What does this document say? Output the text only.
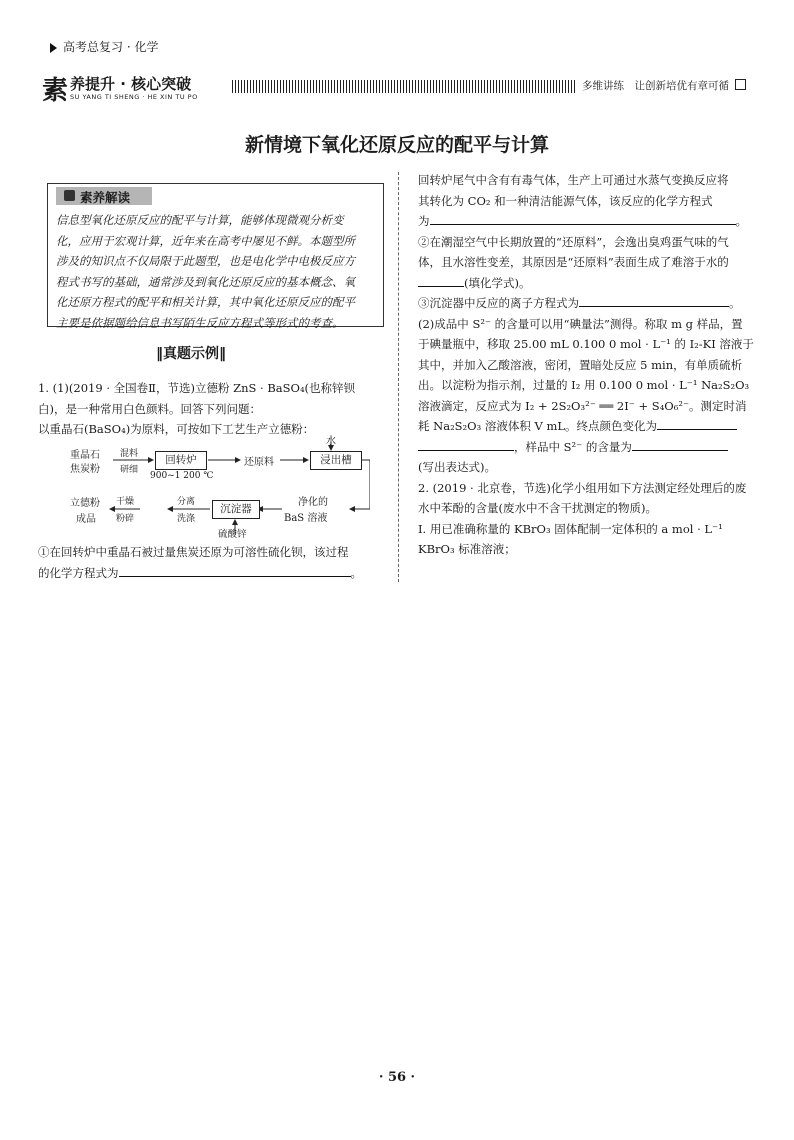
高考总复习 · 化学
素 养提升 · 核心突破
SU YANG TI SHENG · HE XIN TU PO
多维讲练　让创新培优有章可循
新情境下氧化还原反应的配平与计算
素养解读
信息型氧化还原反应的配平与计算，能够体现微观分析变
化，应用于宏观计算，近年来在高考中屡见不鲜。本题型所
涉及的知识点不仅局限于此题型，也是电化学中电极反应方
程式书写的基础，通常涉及到氧化还原反应的基本概念、氧
化还原方程式的配平和相关计算，其中氧化还原反应的配平
主要是依据题给信息书写陌生反应方程式等形式的考查。
‖真题示例‖
1. (1)(2019 · 全国卷Ⅱ，节选)立德粉 ZnS · BaSO₄(也称锌钡
白)，是一种常用白色颜料。回答下列问题：
以重晶石(BaSO₄)为原料，可按如下工艺生产立德粉：
重晶石
焦炭粉
混料
研细
回转炉
900~1 200 ℃
还原料
水
浸出槽
立德粉
成品
干燥
粉碎
分离
洗涤
沉淀器
硫酸锌
净化的
BaS 溶液
①在回转炉中重晶石被过量焦炭还原为可溶性硫化钡，该过程
的化学方程式为	。
回转炉尾气中含有有毒气体，生产上可通过水蒸气变换反应将
其转化为 CO₂ 和一种清洁能源气体，该反应的化学方程式
为	。
②在潮湿空气中长期放置的“还原料”，会逸出臭鸡蛋气味的气
体，且水溶性变差，其原因是“还原料”表面生成了难溶于水的
(填化学式)。
③沉淀器中反应的离子方程式为	。
(2)成品中 S²⁻ 的含量可以用“碘量法”测得。称取 m g 样品，置
于碘量瓶中，移取 25.00 mL 0.100 0 mol · L⁻¹ 的 I₂-KI 溶液于
其中，并加入乙酸溶液，密闭，置暗处反应 5 min，有单质硫析
出。以淀粉为指示剂，过量的 I₂ 用 0.100 0 mol · L⁻¹ Na₂S₂O₃
溶液滴定，反应式为 I₂ + 2S₂O₃²⁻ ══ 2I⁻ + S₄O₆²⁻。测定时消
耗 Na₂S₂O₃ 溶液体积 V mL。终点颜色变化为
，样品中 S²⁻ 的含量为
(写出表达式)。
2. (2019 · 北京卷，节选)化学小组用如下方法测定经处理后的废
水中苯酚的含量(废水中不含干扰测定的物质)。
Ⅰ. 用已准确称量的 KBrO₃ 固体配制一定体积的 a mol · L⁻¹
KBrO₃ 标准溶液；
· 56 ·
